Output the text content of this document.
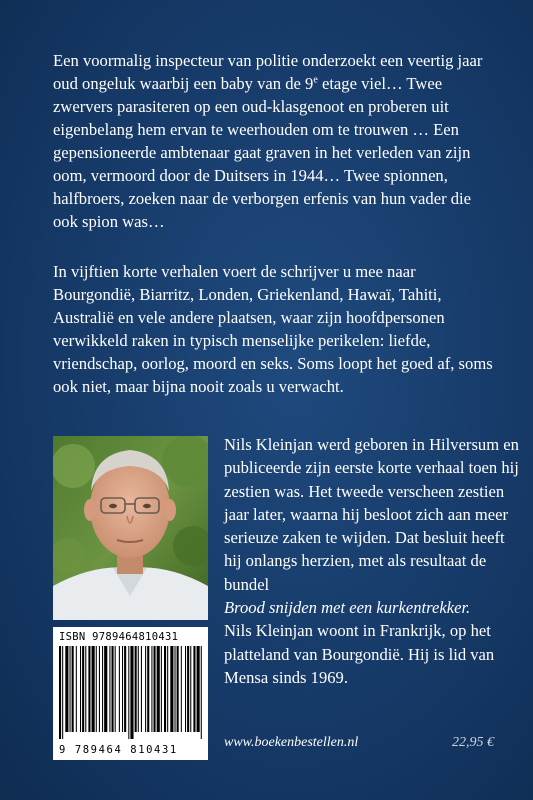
Een voormalig inspecteur van politie onderzoekt een veertig jaar oud ongeluk waarbij een baby van de 9e etage viel… Twee zwervers parasiteren op een oud-klasgenoot en proberen uit eigenbelang hem ervan te weerhouden om te trouwen … Een gepensioneerde ambtenaar gaat graven in het verleden van zijn oom, vermoord door de Duitsers in 1944… Twee spionnen, halfbroers, zoeken naar de verborgen erfenis van hun vader die ook spion was…
In vijftien korte verhalen voert de schrijver u mee naar Bourgondië, Biarritz, Londen, Griekenland, Hawaï, Tahiti, Australië en vele andere plaatsen, waar zijn hoofdpersonen verwikkeld raken in typisch menselijke perikelen: liefde, vriendschap, oorlog, moord en seks. Soms loopt het goed af, soms ook niet, maar bijna nooit zoals u verwacht.
Nils Kleinjan werd geboren in Hilversum en publiceerde zijn eerste korte verhaal toen hij zestien was. Het tweede verscheen zestien jaar later, waarna hij besloot zich aan meer serieuze zaken te wijden. Dat besluit heeft hij onlangs herzien, met als resultaat de bundel
Brood snijden met een kurkentrekker.
Nils Kleinjan woont in Frankrijk, op het platteland van Bourgondië. Hij is lid van Mensa sinds 1969.
ISBN 9789464810431
9 789464 810431	www.boekenbestellen.nl	22,95 €
